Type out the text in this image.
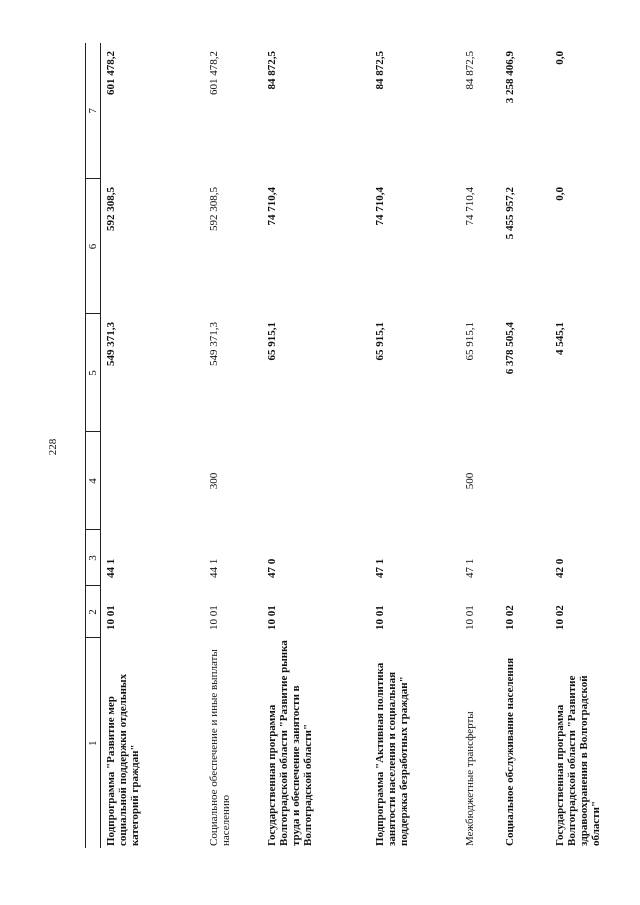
228
1	2	3	4	5	6	7
Подпрограмма "Развитие мер социальной поддержки отдельных категорий граждан"	10 01	44 1		549 371,3	592 308,5	601 478,2
Социальное обеспечение и иные выплаты населению	10 01	44 1	300	549 371,3	592 308,5	601 478,2
Государственная программа Волгоградской области "Развитие рынка труда и обеспечение занятости в Волгоградской области"	10 01	47 0		65 915,1	74 710,4	84 872,5
Подпрограмма "Активная политика занятости населения и социальная поддержка безработных граждан"	10 01	47 1		65 915,1	74 710,4	84 872,5
Межбюджетные трансферты	10 01	47 1	500	65 915,1	74 710,4	84 872,5
Социальное обслуживание населения	10 02			6 378 505,4	5 455 957,2	3 258 406,9
Государственная программа Волгоградской области "Развитие здравоохранения в Волгоградской области"	10 02	42 0		4 545,1	0,0	0,0
